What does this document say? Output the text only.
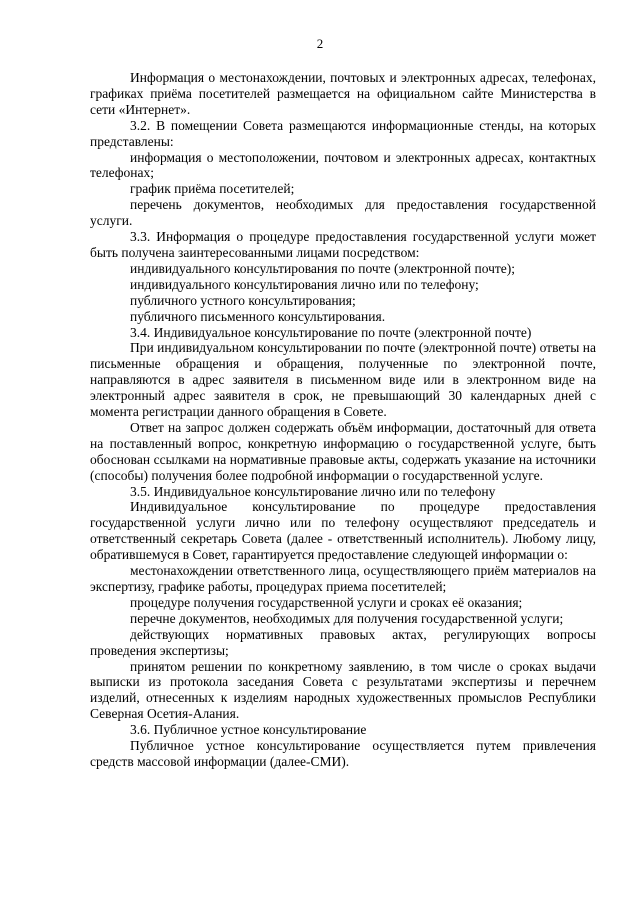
2

Информация о местонахождении, почтовых и электронных адресах, телефонах, графиках приёма посетителей размещается на официальном сайте Министерства в сети «Интернет».

3.2. В помещении Совета размещаются информационные стенды, на которых представлены:

информация о местоположении, почтовом и электронных адресах, контактных телефонах;

график приёма посетителей;

перечень документов, необходимых для предоставления государственной услуги.

3.3. Информация о процедуре предоставления государственной услуги может быть получена заинтересованными лицами посредством:

индивидуального консультирования по почте (электронной почте);

индивидуального консультирования лично или по телефону;

публичного устного консультирования;

публичного письменного консультирования.

3.4. Индивидуальное консультирование по почте (электронной почте)

При индивидуальном консультировании по почте (электронной почте) ответы на письменные обращения и обращения, полученные по электронной почте, направляются в адрес заявителя в письменном виде или в электронном виде на электронный адрес заявителя в срок, не превышающий 30 календарных дней с момента регистрации данного обращения в Совете.

Ответ на запрос должен содержать объём информации, достаточный для ответа на поставленный вопрос, конкретную информацию о государственной услуге, быть обоснован ссылками на нормативные правовые акты, содержать указание на источники (способы) получения более подробной информации о государственной услуге.

3.5. Индивидуальное консультирование лично или по телефону

Индивидуальное консультирование по процедуре предоставления государственной услуги лично или по телефону осуществляют председатель и ответственный секретарь Совета (далее - ответственный исполнитель). Любому лицу, обратившемуся в Совет, гарантируется предоставление следующей информации о:

местонахождении ответственного лица, осуществляющего приём материалов на экспертизу, графике работы, процедурах приема посетителей;

процедуре получения государственной услуги и сроках её оказания;

перечне документов, необходимых для получения государственной услуги;

действующих нормативных правовых актах, регулирующих вопросы проведения экспертизы;

принятом решении по конкретному заявлению, в том числе о сроках выдачи выписки из протокола заседания Совета с результатами экспертизы и перечнем изделий, отнесенных к изделиям народных художественных промыслов Республики Северная Осетия-Алания.

3.6. Публичное устное консультирование

Публичное устное консультирование осуществляется путем привлечения средств массовой информации (далее-СМИ).
